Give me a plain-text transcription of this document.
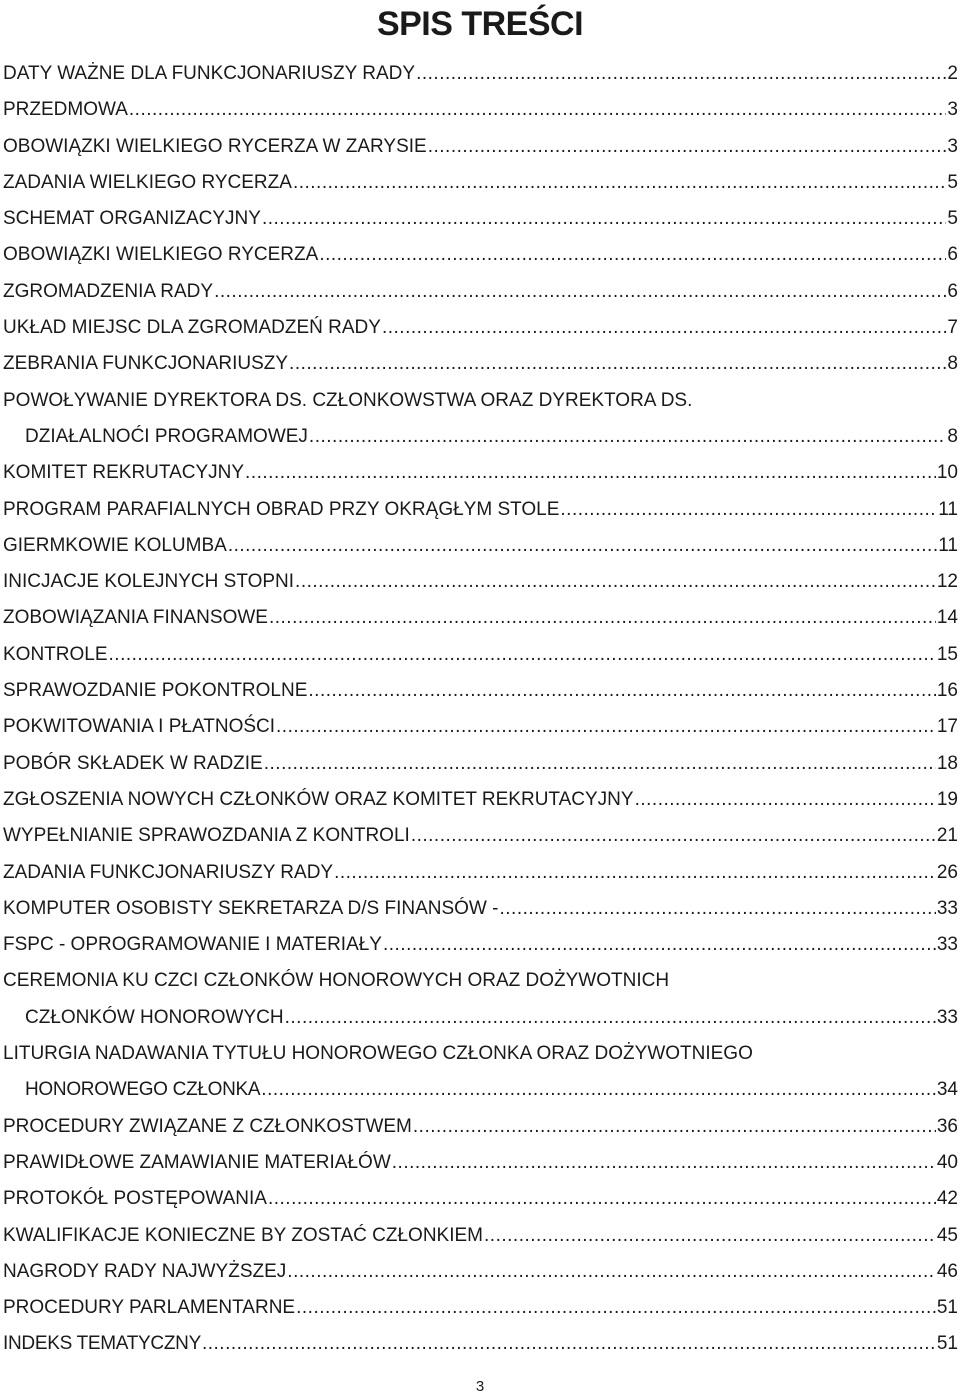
SPIS TREŚCI
DATY WAŻNE DLA FUNKCJONARIUSZY RADY .....	2
PRZEDMOWA .....	3
OBOWIĄZKI WIELKIEGO RYCERZA W ZARYSIE .....	3
ZADANIA WIELKIEGO RYCERZA .....	5
SCHEMAT ORGANIZACYJNY .....	5
OBOWIĄZKI WIELKIEGO RYCERZA .....	6
ZGROMADZENIA RADY .....	6
UKŁAD MIEJSC DLA ZGROMADZEŃ RADY .....	7
ZEBRANIA FUNKCJONARIUSZY .....	8
POWOŁYWANIE DYREKTORA DS. CZŁONKOWSTWA ORAZ DYREKTORA DS.
DZIAŁALNOĆI PROGRAMOWEJ .....	8
KOMITET REKRUTACYJNY .....	10
PROGRAM PARAFIALNYCH OBRAD PRZY OKRĄGŁYM STOLE .....	11
GIERMKOWIE KOLUMBA .....	11
INICJACJE KOLEJNYCH STOPNI .....	12
ZOBOWIĄZANIA FINANSOWE .....	14
KONTROLE .....	15
SPRAWOZDANIE POKONTROLNE .....	16
POKWITOWANIA I PŁATNOŚCI .....	17
POBÓR SKŁADEK W RADZIE .....	18
ZGŁOSZENIA NOWYCH CZŁONKÓW ORAZ KOMITET REKRUTACYJNY .....	19
WYPEŁNIANIE SPRAWOZDANIA Z KONTROLI .....	21
ZADANIA FUNKCJONARIUSZY RADY .....	26
KOMPUTER OSOBISTY SEKRETARZA D/S FINANSÓW - .....	33
FSPC - OPROGRAMOWANIE I MATERIAŁY .....	33
CEREMONIA KU CZCI CZŁONKÓW HONOROWYCH ORAZ DOŻYWOTNICH
CZŁONKÓW HONOROWYCH .....	33
LITURGIA NADAWANIA TYTUŁU HONOROWEGO CZŁONKA ORAZ DOŻYWOTNIEGO
HONOROWEGO CZŁONKA .....	34
PROCEDURY ZWIĄZANE Z CZŁONKOSTWEM .....	36
PRAWIDŁOWE ZAMAWIANIE MATERIAŁÓW .....	40
PROTOKÓŁ POSTĘPOWANIA .....	42
KWALIFIKACJE KONIECZNE BY ZOSTAĆ CZŁONKIEM .....	45
NAGRODY RADY NAJWYŻSZEJ .....	46
PROCEDURY PARLAMENTARNE .....	51
INDEKS TEMATYCZNY .....	51
3
